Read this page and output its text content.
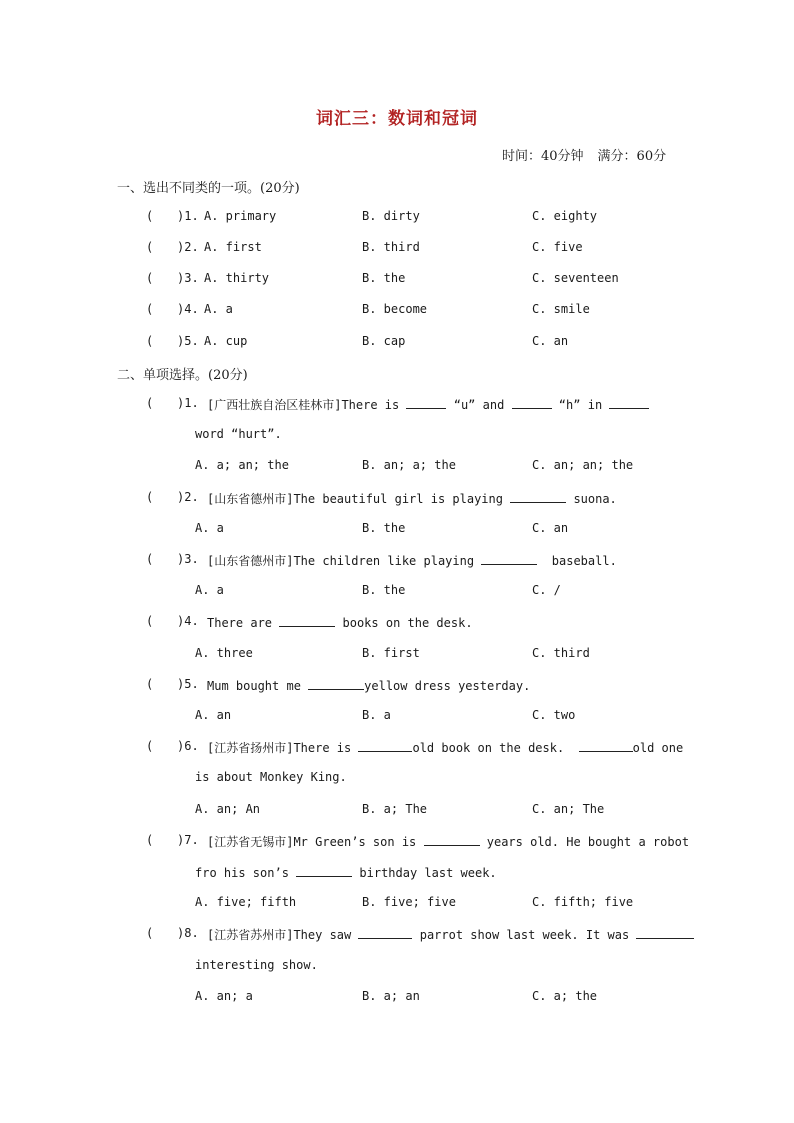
词汇三：数词和冠词
时间：40分钟 满分：60分
一、选出不同类的一项。(20分)
( )1. A. primary	B. dirty	C. eighty
( )2. A. first	B. third	C. five
( )3. A. thirty	B. the	C. seventeen
( )4. A. a	B. become	C. smile
( )5. A. cup	B. cap	C. an
二、单项选择。(20分)
( )1. [广西壮族自治区桂林市]There is	“u” and	“h” in
word “hurt”.
A. a; an; the	B. an; a; the	C. an; an; the
( )2. [山东省德州市]The beautiful girl is playing	suona.
A. a	B. the	C. an
( )3. [山东省德州市]The children like playing	baseball.
A. a	B. the	C. /
( )4. There are	books on the desk.
A. three	B. first	C. third
( )5. Mum bought me	yellow dress yesterday.
A. an	B. a	C. two
( )6. [江苏省扬州市]There is	old book on the desk.	old one
is about Monkey King.
A. an; An	B. a; The	C. an; The
( )7. [江苏省无锡市]Mr Green’s son is	years old. He bought a robot
fro his son’s	birthday last week.
A. five; fifth	B. five; five	C. fifth; five
( )8. [江苏省苏州市]They saw	parrot show last week. It was
interesting show.
A. an; a	B. a; an	C. a; the
